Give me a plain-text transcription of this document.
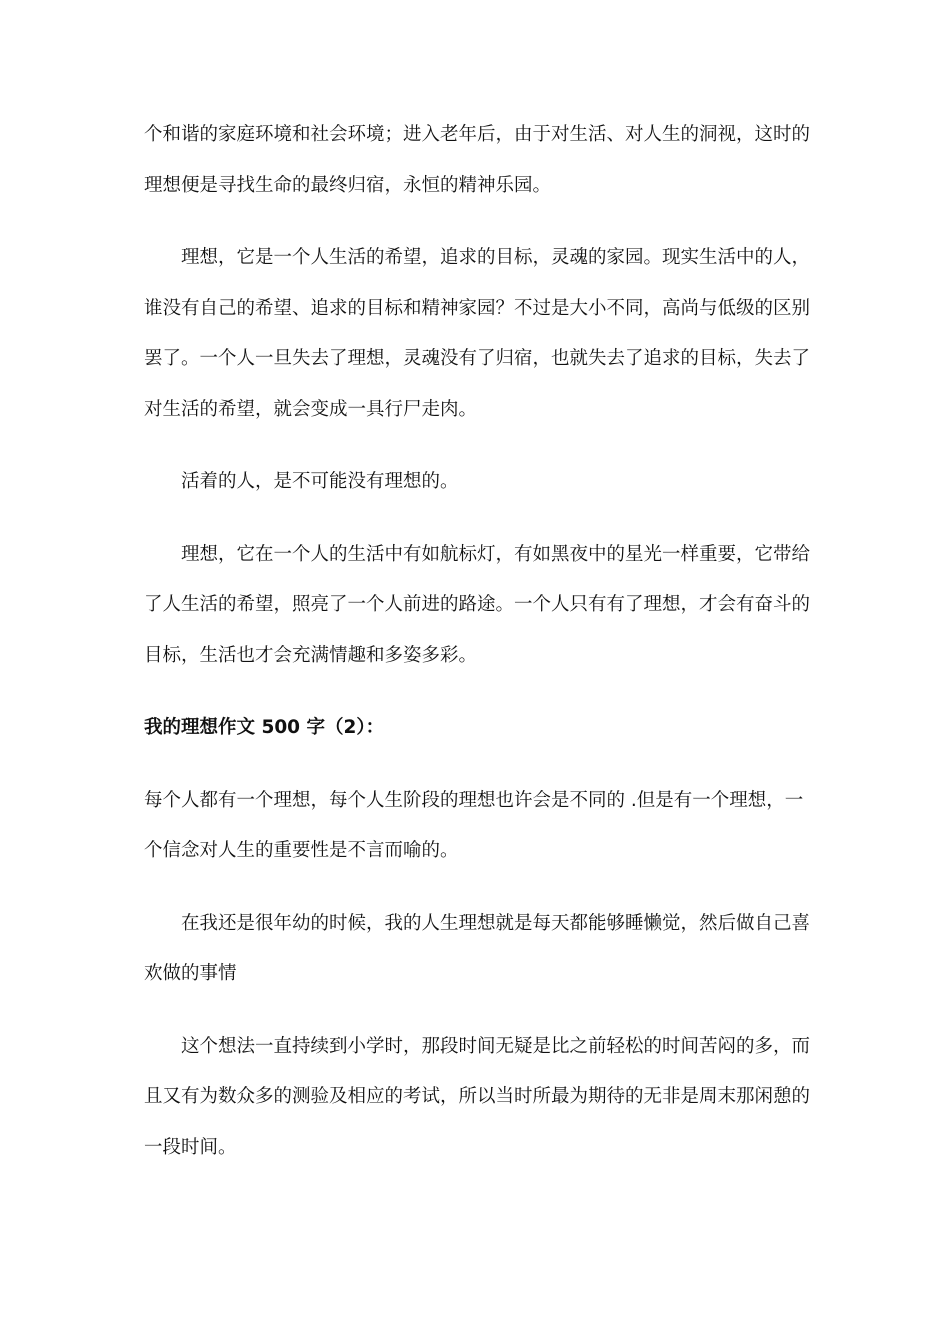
个和谐的家庭环境和社会环境；进入老年后，由于对生活、对人生的洞视，这时的理想便是寻找生命的最终归宿，永恒的精神乐园。

理想，它是一个人生活的希望，追求的目标，灵魂的家园。现实生活中的人，谁没有自己的希望、追求的目标和精神家园？不过是大小不同，高尚与低级的区别罢了。一个人一旦失去了理想，灵魂没有了归宿，也就失去了追求的目标，失去了对生活的希望，就会变成一具行尸走肉。

活着的人，是不可能没有理想的。

理想，它在一个人的生活中有如航标灯，有如黑夜中的星光一样重要，它带给了人生活的希望，照亮了一个人前进的路途。一个人只有有了理想，才会有奋斗的目标，生活也才会充满情趣和多姿多彩。

我的理想作文 500 字（2）：

每个人都有一个理想，每个人生阶段的理想也许会是不同的 .但是有一个理想，一个信念对人生的重要性是不言而喻的。

在我还是很年幼的时候，我的人生理想就是每天都能够睡懒觉，然后做自己喜欢做的事情

这个想法一直持续到小学时，那段时间无疑是比之前轻松的时间苦闷的多，而且又有为数众多的测验及相应的考试，所以当时所最为期待的无非是周末那闲憩的一段时间。
